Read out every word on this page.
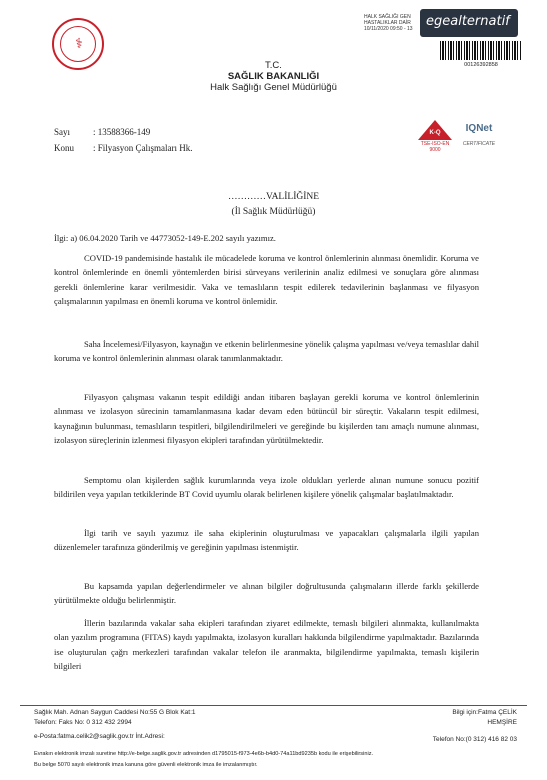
⚕
HALK SAĞLIĞI GEN
HASTALIKLAR DAİR
10/11/2020 09:50 - 13	egealternatif
00126392858
T.C.
SAĞLIK BAKANLIĞI
Halk Sağlığı Genel Müdürlüğü
K-Q
TSE-ISO-EN
9000
IQNet
CERTIFICATE
Sayı	: 13588366-149
Konu : Filyasyon Çalışmaları Hk.
…………VALİLİĞİNE
(İl Sağlık Müdürlüğü)
İlgi: a) 06.04.2020 Tarih ve 44773052-149-E.202 sayılı yazımız.
COVID-19 pandemisinde hastalık ile mücadelede koruma ve kontrol önlemlerinin alınması önemlidir. Koruma ve kontrol önlemlerinde en önemli yöntemlerden birisi sürveyans verilerinin analiz edilmesi ve sonuçlara göre alınması gerekli önlemlerine karar verilmesidir. Vaka ve temaslıların tespit edilerek tedavilerinin başlanması ve filyasyon çalışmalarının yapılması en önemli koruma ve kontrol önlemidir.
Saha İncelemesi/Filyasyon, kaynağın ve etkenin belirlenmesine yönelik çalışma yapılması ve/veya temaslılar dahil koruma ve kontrol önlemlerinin alınması olarak tanımlanmaktadır.
Filyasyon çalışması vakanın tespit edildiği andan itibaren başlayan gerekli koruma ve kontrol önlemlerinin alınması ve izolasyon sürecinin tamamlanmasına kadar devam eden bütüncül bir süreçtir. Vakaların tespit edilmesi, kaynağının bulunması, temaslıların tespitleri, bilgilendirilmeleri ve gereğinde bu kişilerden tanı amaçlı numune alınması, izolasyon süreçlerinin izlenmesi filyasyon ekipleri tarafından yürütülmektedir.
Semptomu olan kişilerden sağlık kurumlarında veya izole oldukları yerlerde alınan numune sonucu pozitif bildirilen veya yapılan tetkiklerinde BT Covid uyumlu olarak belirlenen kişilere yönelik çalışmalar başlatılmaktadır.
İlgi tarih ve sayılı yazımız ile saha ekiplerinin oluşturulması ve yapacakları çalışmalarla ilgili yapılan düzenlemeler tarafınıza gönderilmiş ve gereğinin yapılması istenmiştir.
Bu kapsamda yapılan değerlendirmeler ve alınan bilgiler doğrultusunda çalışmaların illerde farklı şekillerde yürütülmekte olduğu belirlenmiştir.
İllerin bazılarında vakalar saha ekipleri tarafından ziyaret edilmekte, temaslı bilgileri alınmakta, kullanılmakta olan yazılım programına (FITAS) kaydı yapılmakta, izolasyon kuralları hakkında bilgilendirme yapılmaktadır. Bazılarında ise oluşturulan çağrı merkezleri tarafından vakalar telefon ile aranmakta, bilgilendirme yapılmakta, temaslı kişilerin bilgileri
Sağlık Mah. Adnan Saygun Caddesi No:55 G Blok Kat:1
Telefon: Faks No: 0 312 432 2994
e-Posta:fatma.celik2@saglik.gov.tr İnt.Adresi:
Bilgi için:Fatma ÇELİK
HEMŞİRE
Telefon No:(0 312) 416 82 03
Evrakın elektronik imzalı suretine http://e-belge.saglik.gov.tr adresinden d1795015-f973-4e6b-b4d0-74a11bd9235b kodu ile erişebilirsiniz.
Bu belge 5070 sayılı elektronik imza kanuna göre güvenli elektronik imza ile imzalanmıştır.
